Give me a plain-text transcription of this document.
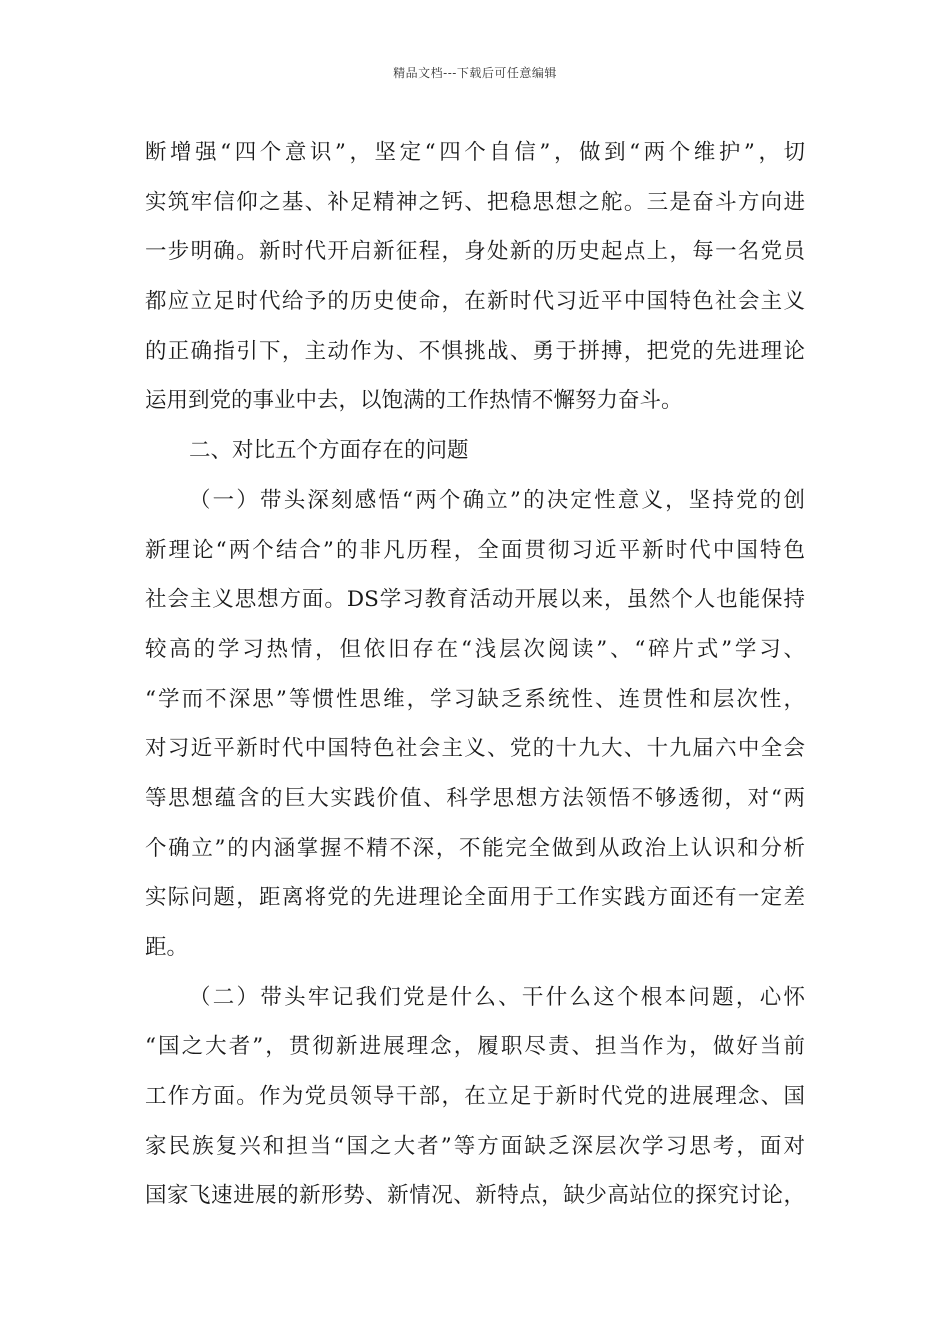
精品文档---下载后可任意编辑
断增强“四个意识”，坚定“四个自信”，做到“两个维护”，切
实筑牢信仰之基、补足精神之钙、把稳思想之舵。三是奋斗方向进
一步明确。新时代开启新征程，身处新的历史起点上，每一名党员
都应立足时代给予的历史使命，在新时代习近平中国特色社会主义
的正确指引下，主动作为、不惧挑战、勇于拼搏，把党的先进理论
运用到党的事业中去，以饱满的工作热情不懈努力奋斗。
二、对比五个方面存在的问题
（一）带头深刻感悟“两个确立”的决定性意义，坚持党的创
新理论“两个结合”的非凡历程，全面贯彻习近平新时代中国特色
社会主义思想方面。DS学习教育活动开展以来，虽然个人也能保持
较高的学习热情，但依旧存在“浅层次阅读”、“碎片式”学习、
“学而不深思”等惯性思维，学习缺乏系统性、连贯性和层次性，
对习近平新时代中国特色社会主义、党的十九大、十九届六中全会
等思想蕴含的巨大实践价值、科学思想方法领悟不够透彻，对“两
个确立”的内涵掌握不精不深，不能完全做到从政治上认识和分析
实际问题，距离将党的先进理论全面用于工作实践方面还有一定差
距。
（二）带头牢记我们党是什么、干什么这个根本问题，心怀
“国之大者”，贯彻新进展理念，履职尽责、担当作为，做好当前
工作方面。作为党员领导干部，在立足于新时代党的进展理念、国
家民族复兴和担当“国之大者”等方面缺乏深层次学习思考，面对
国家飞速进展的新形势、新情况、新特点，缺少高站位的探究讨论，
